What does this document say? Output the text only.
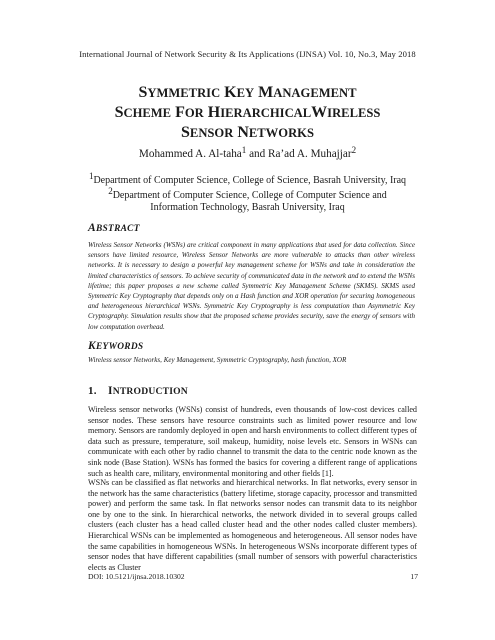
International Journal of Network Security & Its Applications (IJNSA) Vol. 10, No.3, May 2018
SYMMETRIC KEY MANAGEMENT
SCHEME FOR HIERARCHICALWIRELESS
SENSOR NETWORKS
Mohammed A. Al-taha$^1$ and Ra’ad A. Muhajjar$^2$
$^1$Department of Computer Science, College of Science, Basrah University, Iraq
$^2$Department of Computer Science, College of Computer Science and
Information Technology, Basrah University, Iraq
ABSTRACT
Wireless Sensor Networks (WSNs) are critical component in many applications that used for data collection. Since sensors have limited resource, Wireless Sensor Networks are more vulnerable to attacks than other wireless networks. It is necessary to design a powerful key management scheme for WSNs and take in consideration the limited characteristics of sensors. To achieve security of communicated data in the network and to extend the WSNs lifetime; this paper proposes a new scheme called Symmetric Key Management Scheme (SKMS). SKMS used Symmetric Key Cryptography that depends only on a Hash function and XOR operation for securing homogeneous and heterogeneous hierarchical WSNs. Symmetric Key Cryptography is less computation than Asymmetric Key Cryptography. Simulation results show that the proposed scheme provides security, save the energy of sensors with low computation overhead.
KEYWORDS
Wireless sensor Networks, Key Management, Symmetric Cryptography, hash function, XOR
1. INTRODUCTION
Wireless sensor networks (WSNs) consist of hundreds, even thousands of low-cost devices called sensor nodes. These sensors have resource constraints such as limited power resource and low memory. Sensors are randomly deployed in open and harsh environments to collect different types of data such as pressure, temperature, soil makeup, humidity, noise levels etc. Sensors in WSNs can communicate with each other by radio channel to transmit the data to the centric node known as the sink node (Base Station). WSNs has formed the basics for covering a different range of applications such as health care, military, environmental monitoring and other fields [1].
WSNs can be classified as flat networks and hierarchical networks. In flat networks, every sensor in the network has the same characteristics (battery lifetime, storage capacity, processor and transmitted power) and perform the same task. In flat networks sensor nodes can transmit data to its neighbor one by one to the sink. In hierarchical networks, the network divided in to several groups called clusters (each cluster has a head called cluster head and the other nodes called cluster members). Hierarchical WSNs can be implemented as homogeneous and heterogeneous. All sensor nodes have the same capabilities in homogeneous WSNs. In heterogeneous WSNs incorporate different types of sensor nodes that have different capabilities (small number of sensors with powerful characteristics elects as Cluster
DOI: 10.5121/ijnsa.2018.10302	17
